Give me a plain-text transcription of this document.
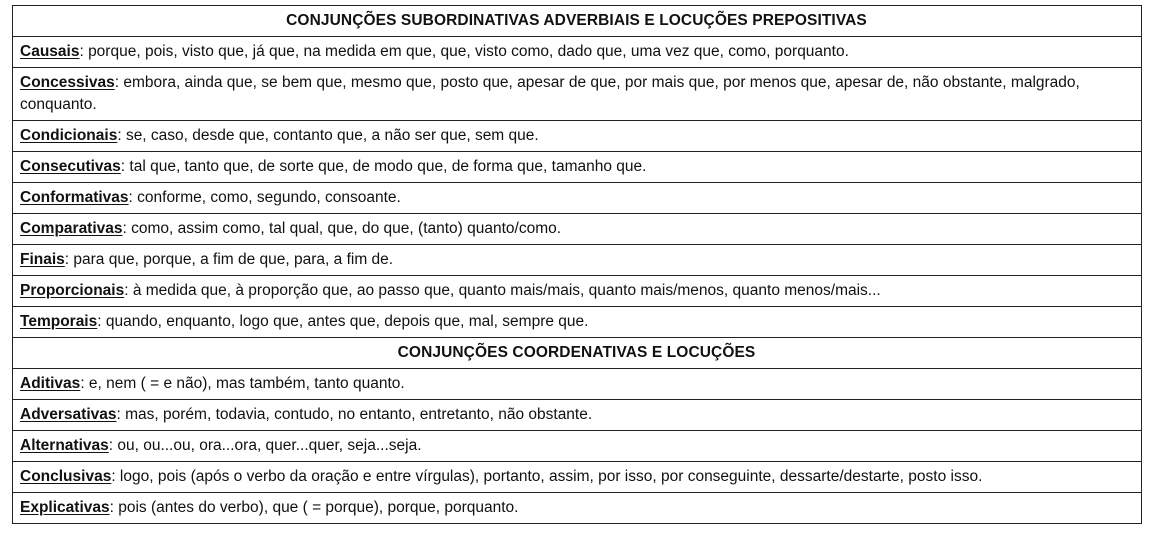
CONJUNÇÕES SUBORDINATIVAS ADVERBIAIS E LOCUÇÕES PREPOSITIVAS
Causais: porque, pois, visto que, já que, na medida em que, que, visto como, dado que, uma vez que, como, porquanto.
Concessivas: embora, ainda que, se bem que, mesmo que, posto que, apesar de que, por mais que, por menos que, apesar de, não obstante, malgrado, conquanto.
Condicionais: se, caso, desde que, contanto que, a não ser que, sem que.
Consecutivas: tal que, tanto que, de sorte que, de modo que, de forma que, tamanho que.
Conformativas: conforme, como, segundo, consoante.
Comparativas: como, assim como, tal qual, que, do que, (tanto) quanto/como.
Finais: para que, porque, a fim de que, para, a fim de.
Proporcionais: à medida que, à proporção que, ao passo que, quanto mais/mais, quanto mais/menos, quanto menos/mais...
Temporais: quando, enquanto, logo que, antes que, depois que, mal, sempre que.
CONJUNÇÕES COORDENATIVAS E LOCUÇÕES
Aditivas: e, nem ( = e não), mas também, tanto quanto.
Adversativas: mas, porém, todavia, contudo, no entanto, entretanto, não obstante.
Alternativas: ou, ou...ou, ora...ora, quer...quer, seja...seja.
Conclusivas: logo, pois (após o verbo da oração e entre vírgulas), portanto, assim, por isso, por conseguinte, dessarte/destarte, posto isso.
Explicativas: pois (antes do verbo), que ( = porque), porque, porquanto.
